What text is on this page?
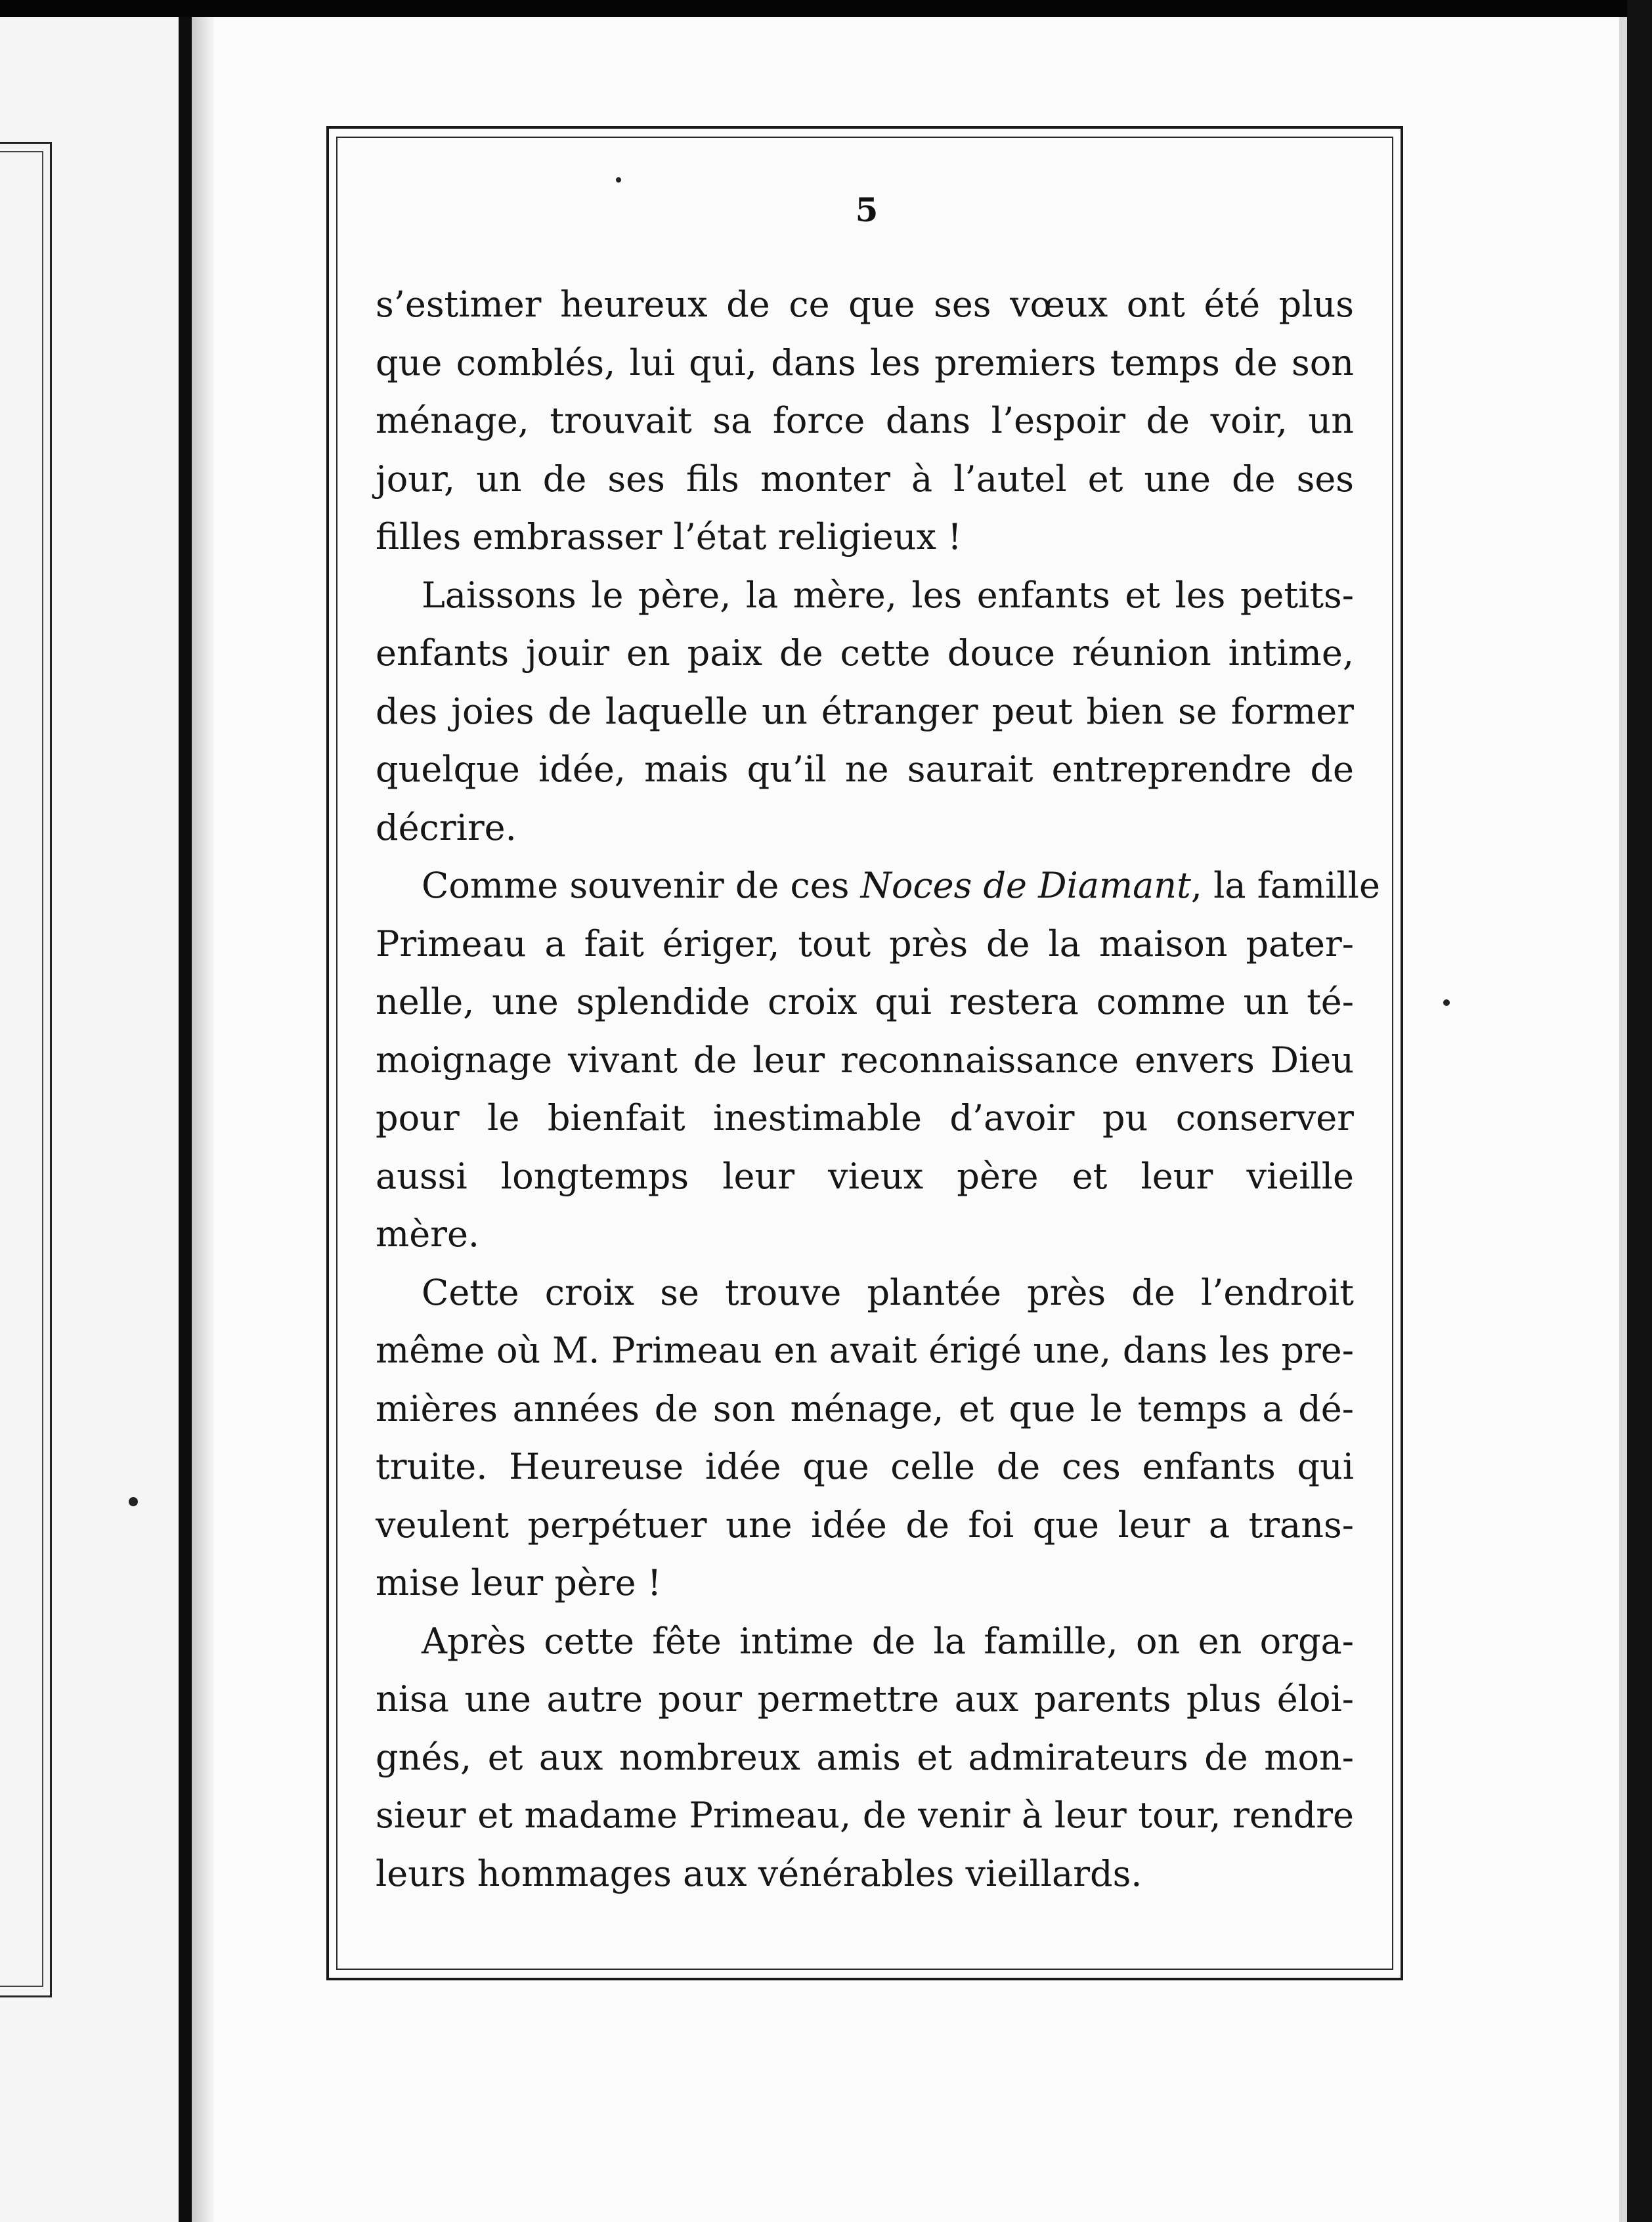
5
s’estimer heureux de ce que ses vœux ont été plus
que comblés, lui qui, dans les premiers temps de son
ménage, trouvait sa force dans l’espoir de voir, un
jour, un de ses fils monter à l’autel et une de ses
filles embrasser l’état religieux !
Laissons le père, la mère, les enfants et les petits-
enfants jouir en paix de cette douce réunion intime,
des joies de laquelle un étranger peut bien se former
quelque idée, mais qu’il ne saurait entreprendre de
décrire.
Comme souvenir de ces Noces de Diamant, la famille
Primeau a fait ériger, tout près de la maison pater-
nelle, une splendide croix qui restera comme un té-
moignage vivant de leur reconnaissance envers Dieu
pour le bienfait inestimable d’avoir pu conserver
aussi longtemps leur vieux père et leur vieille
mère.
Cette croix se trouve plantée près de l’endroit
même où M. Primeau en avait érigé une, dans les pre-
mières années de son ménage, et que le temps a dé-
truite. Heureuse idée que celle de ces enfants qui
veulent perpétuer une idée de foi que leur a trans-
mise leur père !
Après cette fête intime de la famille, on en orga-
nisa une autre pour permettre aux parents plus éloi-
gnés, et aux nombreux amis et admirateurs de mon-
sieur et madame Primeau, de venir à leur tour, rendre
leurs hommages aux vénérables vieillards.
